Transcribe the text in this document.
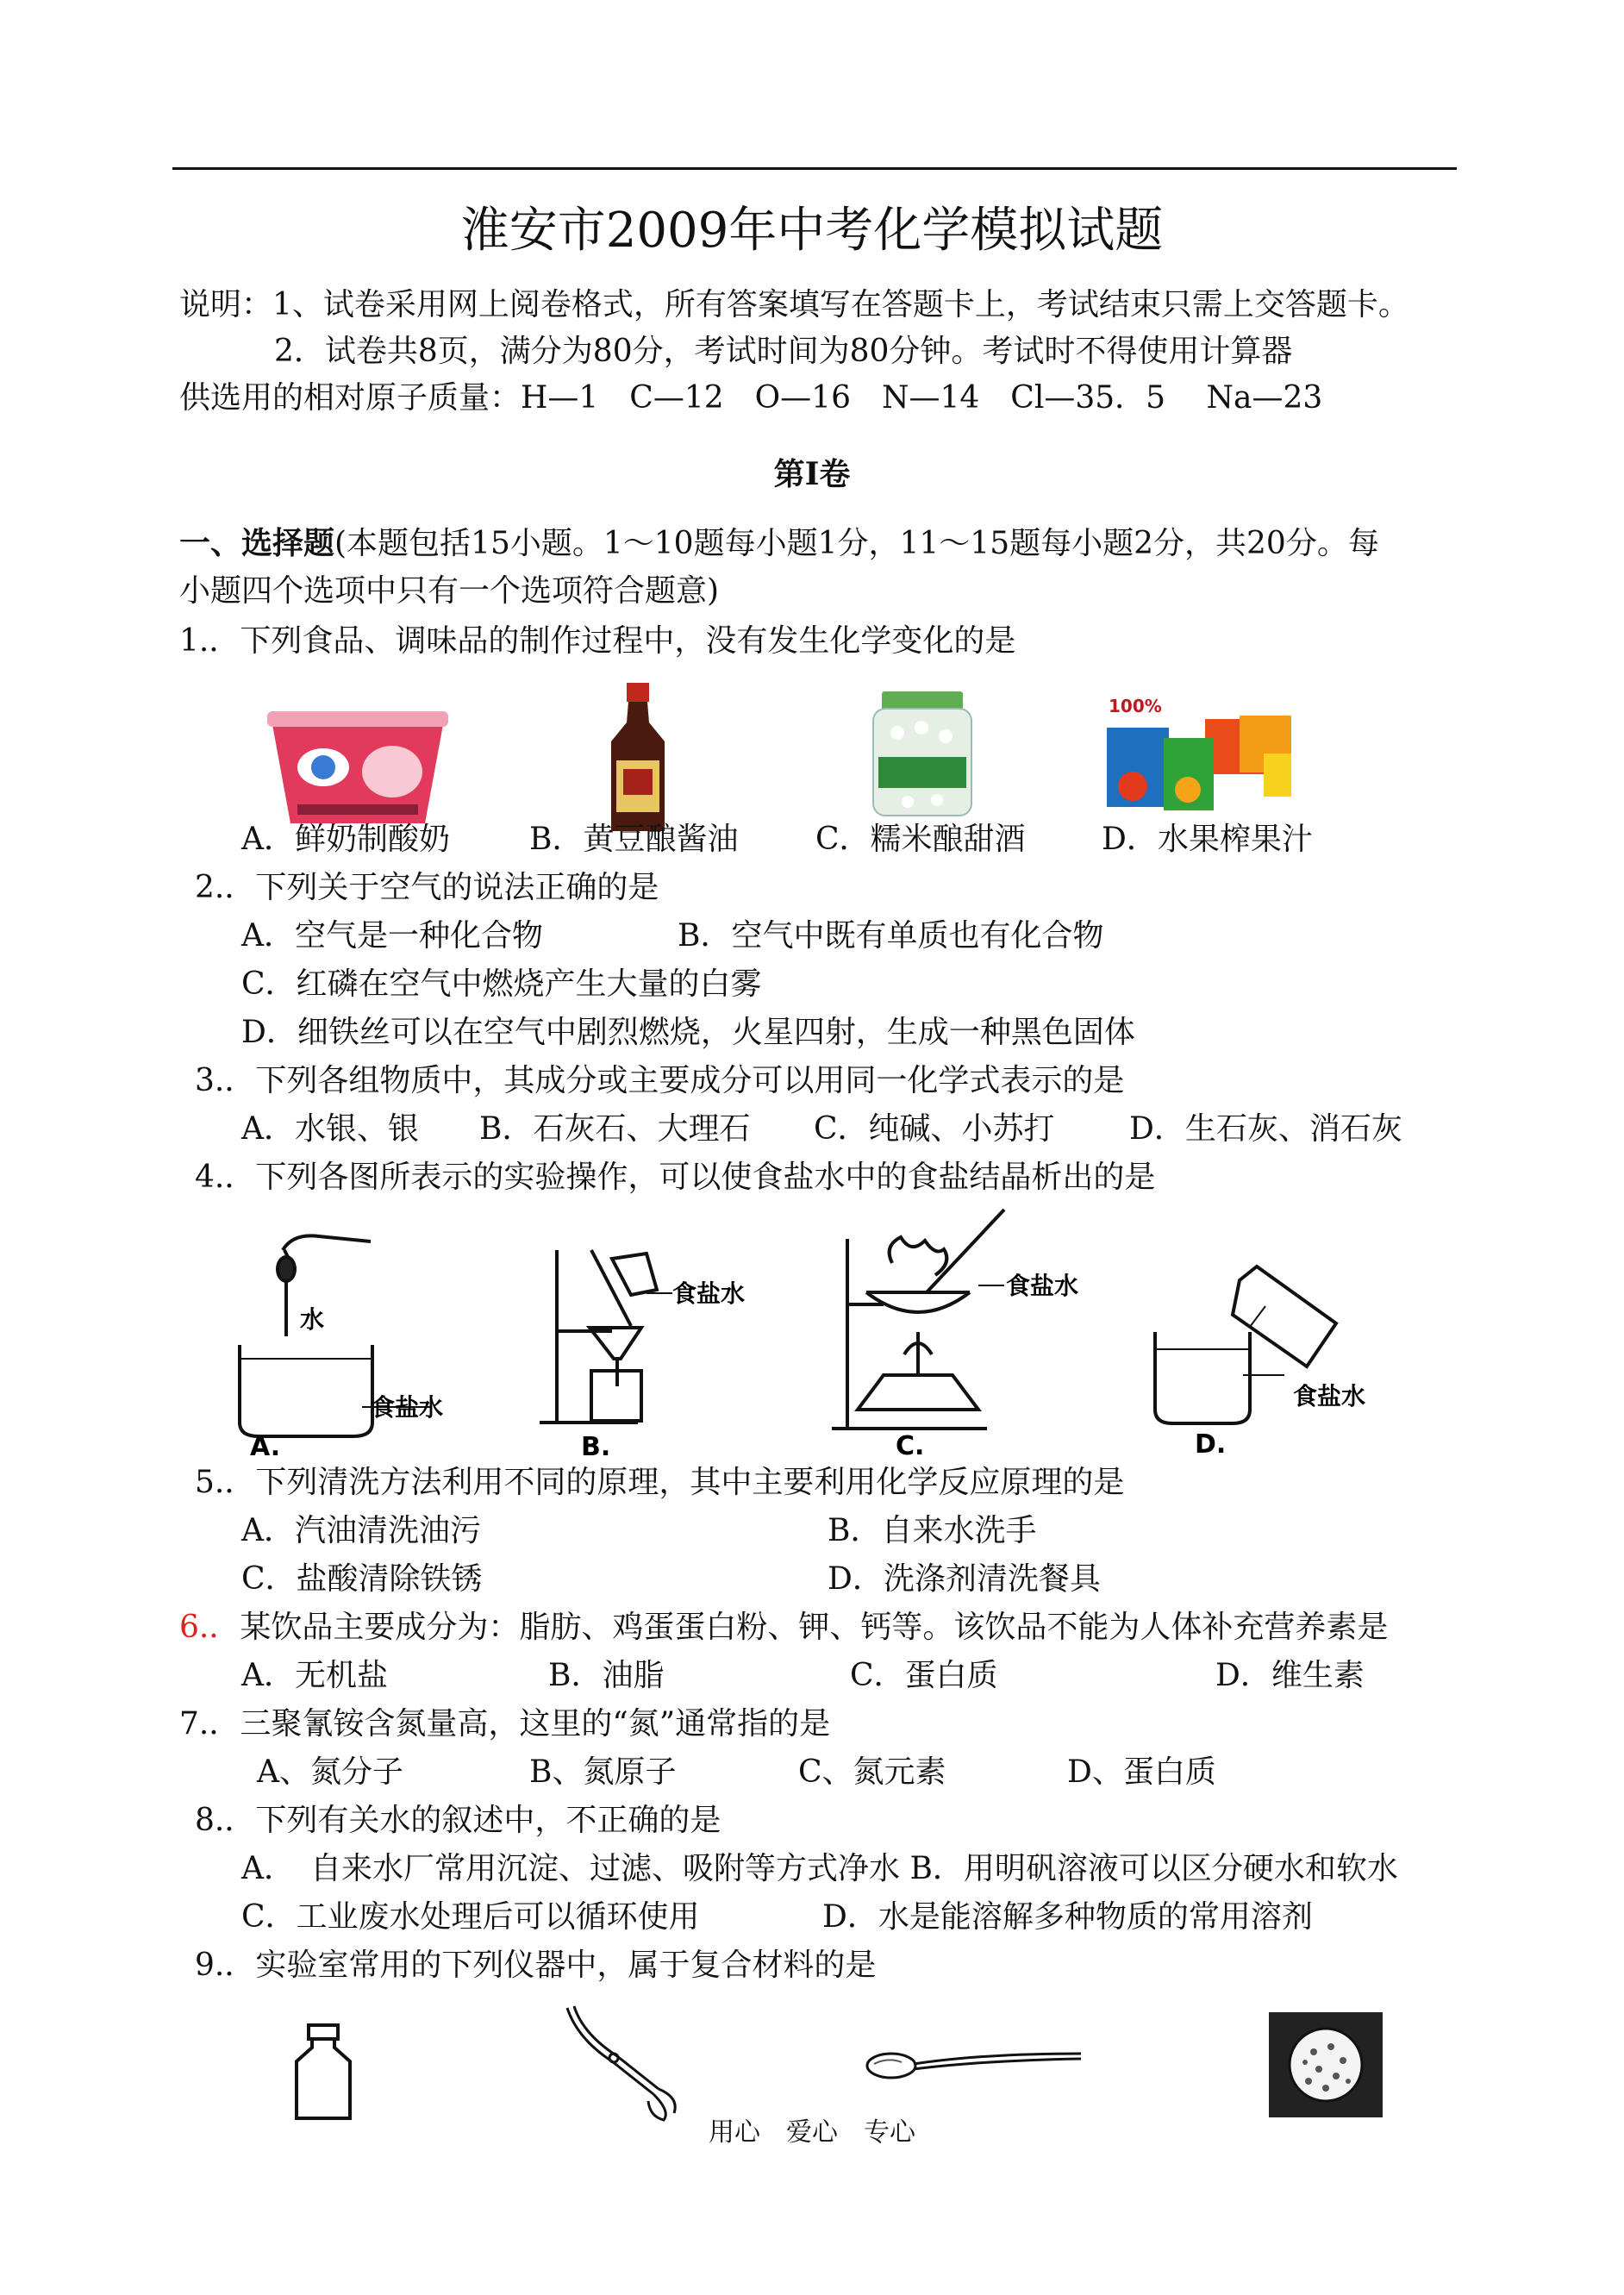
淮安市2009年中考化学模拟试题
说明：1、试卷采用网上阅卷格式，所有答案填写在答题卡上，考试结束只需上交答题卡。
2．试卷共8页，满分为80分，考试时间为80分钟。考试时不得使用计算器
供选用的相对原子质量：H—1　C—12　O—16　N—14　Cl—35．5　 Na—23
第Ⅰ卷
一、选择题(本题包括15小题。1～10题每小题1分，11～15题每小题2分，共20分。每
小题四个选项中只有一个选项符合题意)
1.．下列食品、调味品的制作过程中，没有发生化学变化的是
100%
A．鲜奶制酸奶	B．黄豆酿酱油 C．糯米酿甜酒 D．水果榨果汁
2.．下列关于空气的说法正确的是
A．空气是一种化合物	B．空气中既有单质也有化合物
C．红磷在空气中燃烧产生大量的白雾
D．细铁丝可以在空气中剧烈燃烧，火星四射，生成一种黑色固体
3.．下列各组物质中，其成分或主要成分可以用同一化学式表示的是
A．水银、银 B．石灰石、大理石 C．纯碱、小苏打 D．生石灰、消石灰
4.．下列各图所表示的实验操作，可以使食盐水中的食盐结晶析出的是
水
食盐水
A.
食盐水
B.
食盐水
C.
食盐水
D.
5.．下列清洗方法利用不同的原理，其中主要利用化学反应原理的是
A．汽油清洗油污	B．自来水洗手
C．盐酸清除铁锈	D．洗涤剂清洗餐具
6.．某饮品主要成分为：脂肪、鸡蛋蛋白粉、钾、钙等。该饮品不能为人体补充营养素是
A．无机盐	B．油脂	C．蛋白质	D．维生素
7.．三聚氰铵含氮量高，这里的“氮”通常指的是
A、氮分子	B、氮原子	C、氮元素	D、蛋白质
8.．下列有关水的叙述中，不正确的是
A．　自来水厂常用沉淀、过滤、吸附等方式净水 B．用明矾溶液可以区分硬水和软水
C．工业废水处理后可以循环使用	D．水是能溶解多种物质的常用溶剂
9.．实验室常用的下列仪器中，属于复合材料的是
用心　爱心　专心
